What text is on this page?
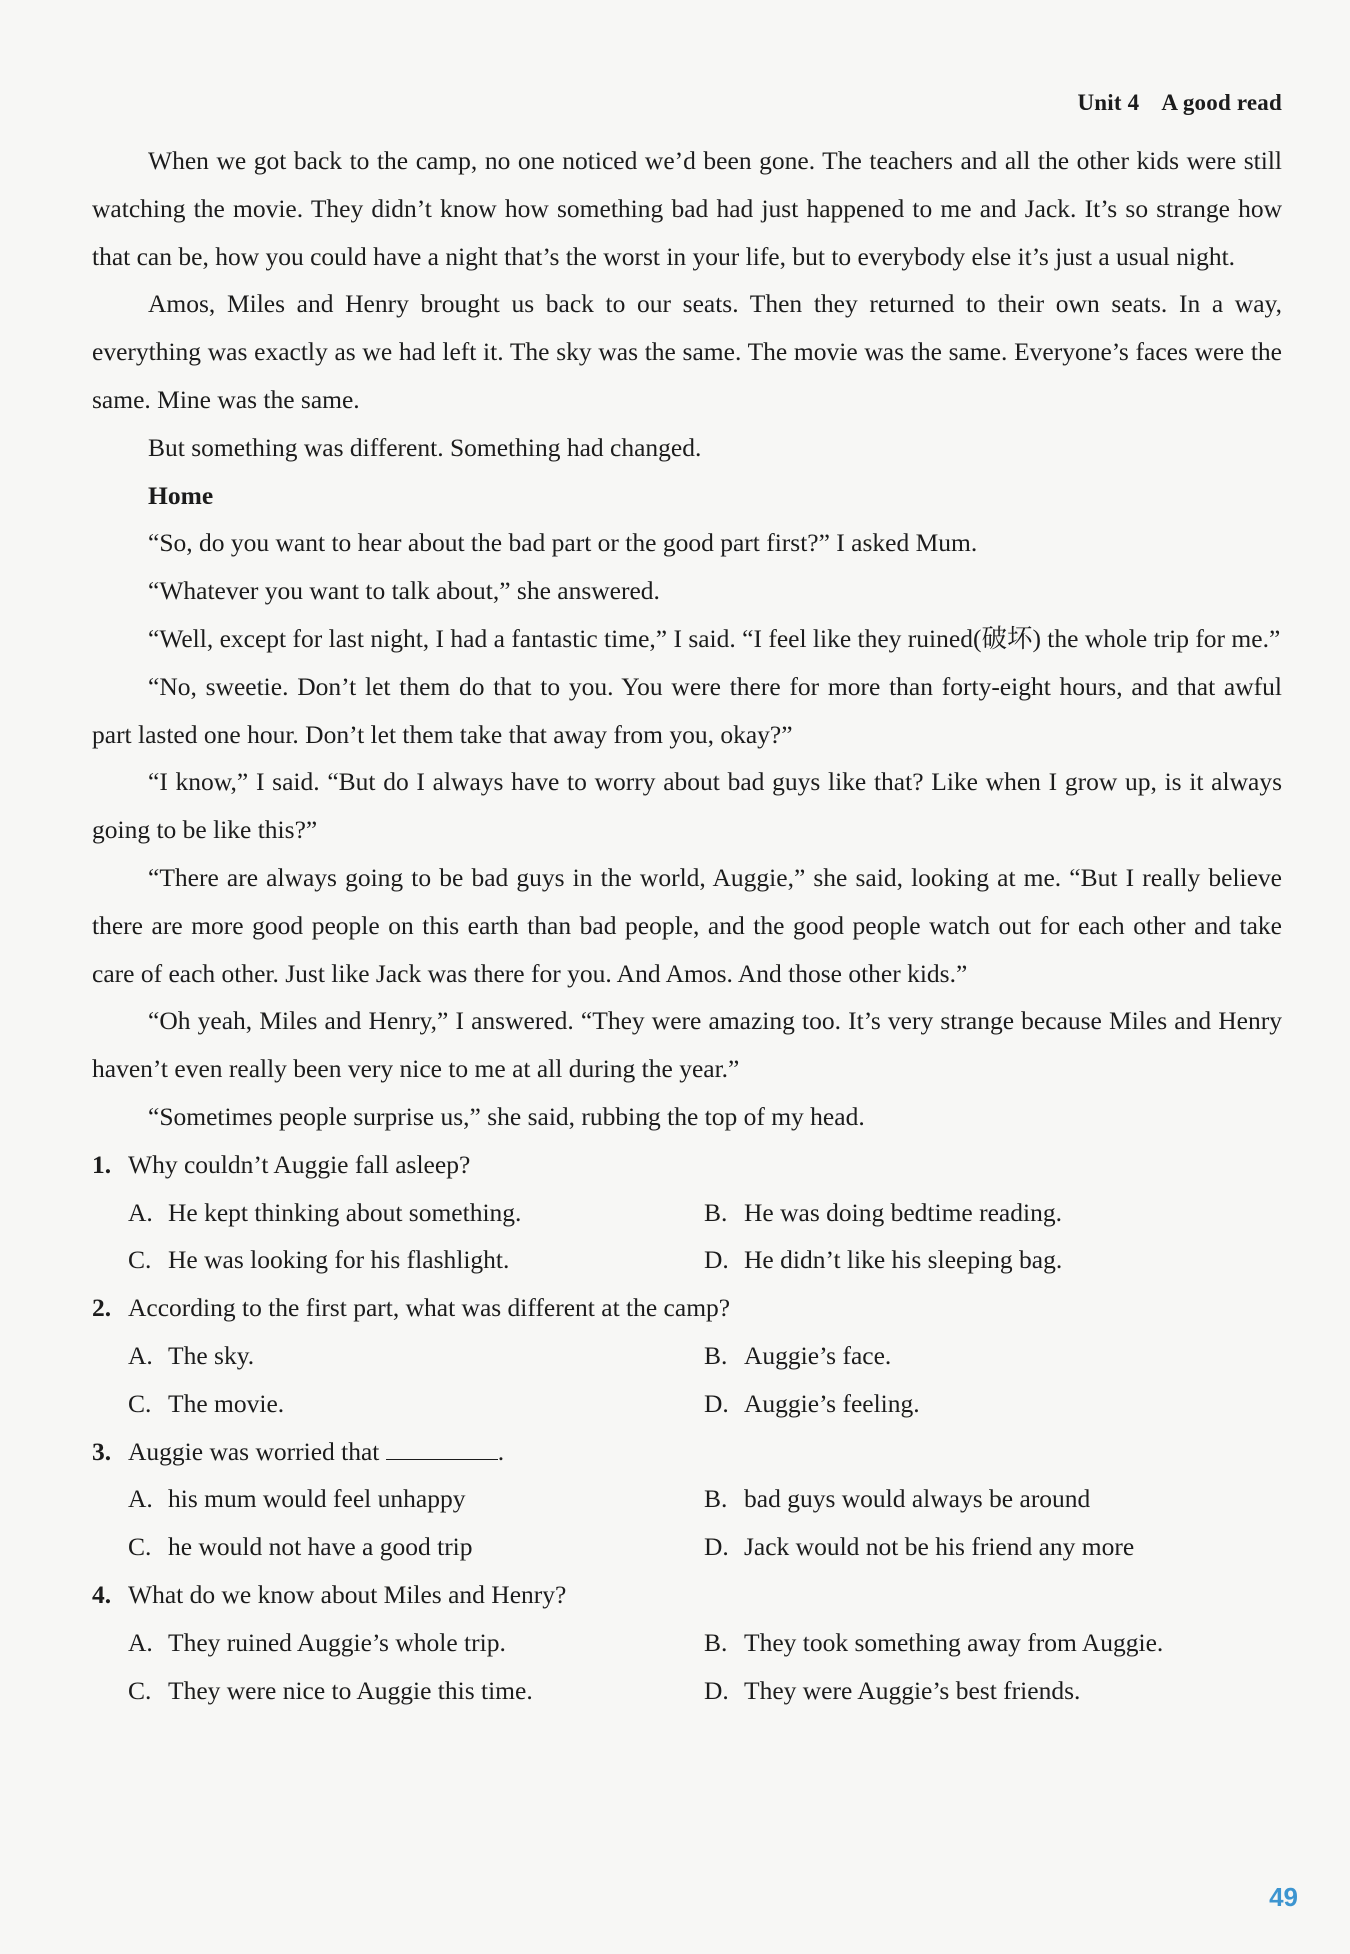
Unit 4 A good read

When we got back to the camp, no one noticed we’d been gone. The teachers and all the other kids were still watching the movie. They didn’t know how something bad had just happened to me and Jack. It’s so strange how that can be, how you could have a night that’s the worst in your life, but to everybody else it’s just a usual night.

Amos, Miles and Henry brought us back to our seats. Then they returned to their own seats. In a way, everything was exactly as we had left it. The sky was the same. The movie was the same. Everyone’s faces were the same. Mine was the same.

But something was different. Something had changed.

Home

“So, do you want to hear about the bad part or the good part first?” I asked Mum.

“Whatever you want to talk about,” she answered.

“Well, except for last night, I had a fantastic time,” I said. “I feel like they ruined(破坏) the whole trip for me.”

“No, sweetie. Don’t let them do that to you. You were there for more than forty-eight hours, and that awful part lasted one hour. Don’t let them take that away from you, okay?”

“I know,” I said. “But do I always have to worry about bad guys like that? Like when I grow up, is it always going to be like this?”

“There are always going to be bad guys in the world, Auggie,” she said, looking at me. “But I really believe there are more good people on this earth than bad people, and the good people watch out for each other and take care of each other. Just like Jack was there for you. And Amos. And those other kids.”

“Oh yeah, Miles and Henry,” I answered. “They were amazing too. It’s very strange because Miles and Henry haven’t even really been very nice to me at all during the year.”

“Sometimes people surprise us,” she said, rubbing the top of my head.

1. Why couldn’t Auggie fall asleep?

A. He kept thinking about something.	B. He was doing bedtime reading.

C. He was looking for his flashlight.	D. He didn’t like his sleeping bag.

2. According to the first part, what was different at the camp?

A. The sky.	B. Auggie’s face.

C. The movie.	D. Auggie’s feeling.

3. Auggie was worried that	.

A. his mum would feel unhappy	B. bad guys would always be around

C. he would not have a good trip	D. Jack would not be his friend any more

4. What do we know about Miles and Henry?

A. They ruined Auggie’s whole trip.	B. They took something away from Auggie.

C. They were nice to Auggie this time.	D. They were Auggie’s best friends.

49
